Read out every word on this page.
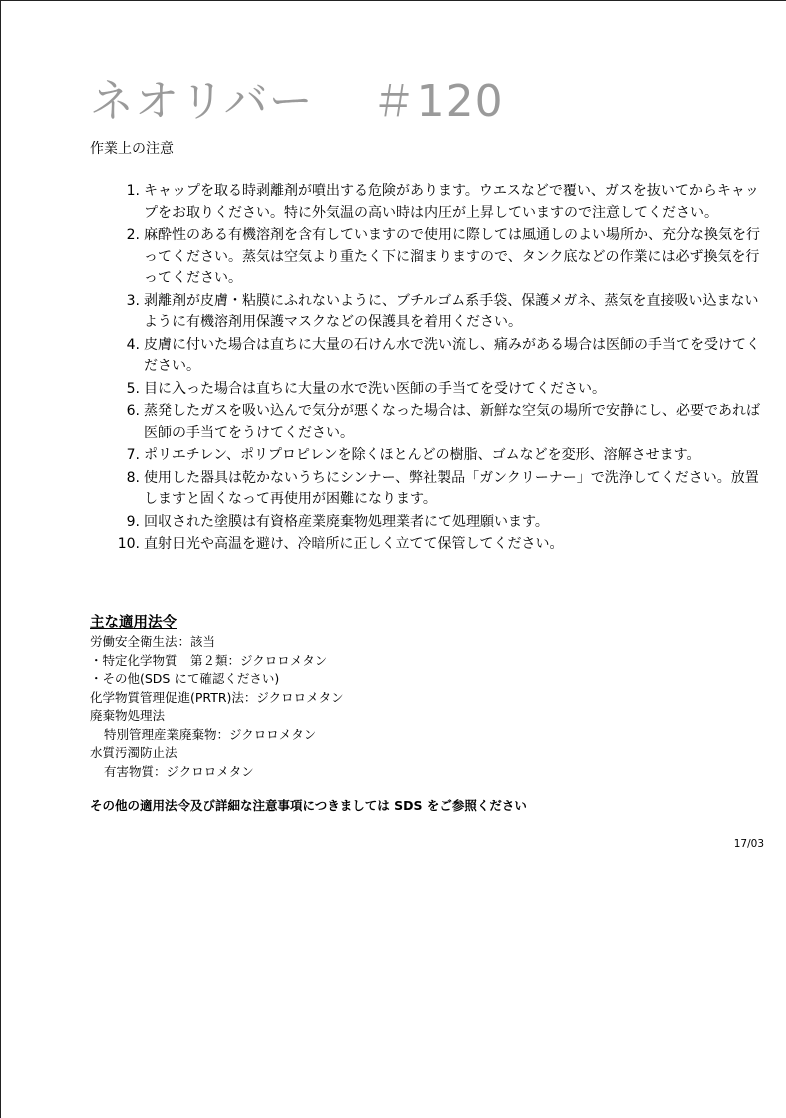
ネオリバー ＃120
作業上の注意
1. キャップを取る時剥離剤が噴出する危険があります。ウエスなどで覆い、ガスを抜いてからキャップをお取りください。特に外気温の高い時は内圧が上昇していますので注意してください。
2. 麻酔性のある有機溶剤を含有していますので使用に際しては風通しのよい場所か、充分な換気を行ってください。蒸気は空気より重たく下に溜まりますので、タンク底などの作業には必ず換気を行ってください。
3. 剥離剤が皮膚・粘膜にふれないように、ブチルゴム系手袋、保護メガネ、蒸気を直接吸い込まないように有機溶剤用保護マスクなどの保護具を着用ください。
4. 皮膚に付いた場合は直ちに大量の石けん水で洗い流し、痛みがある場合は医師の手当てを受けてください。
5. 目に入った場合は直ちに大量の水で洗い医師の手当てを受けてください。
6. 蒸発したガスを吸い込んで気分が悪くなった場合は、新鮮な空気の場所で安静にし、必要であれば医師の手当てをうけてください。
7. ポリエチレン、ポリプロピレンを除くほとんどの樹脂、ゴムなどを変形、溶解させます。
8. 使用した器具は乾かないうちにシンナー、弊社製品「ガンクリーナー」で洗浄してください。放置しますと固くなって再使用が困難になります。
9. 回収された塗膜は有資格産業廃棄物処理業者にて処理願います。
10. 直射日光や高温を避け、冷暗所に正しく立てて保管してください。
主な適用法令
労働安全衛生法：該当
・特定化学物質　第２類：ジクロロメタン
・その他(SDS にて確認ください)
化学物質管理促進(PRTR)法：ジクロロメタン
廃棄物処理法
特別管理産業廃棄物：ジクロロメタン
水質汚濁防止法
有害物質：ジクロロメタン
その他の適用法令及び詳細な注意事項につきましては SDS をご参照ください
17/03
